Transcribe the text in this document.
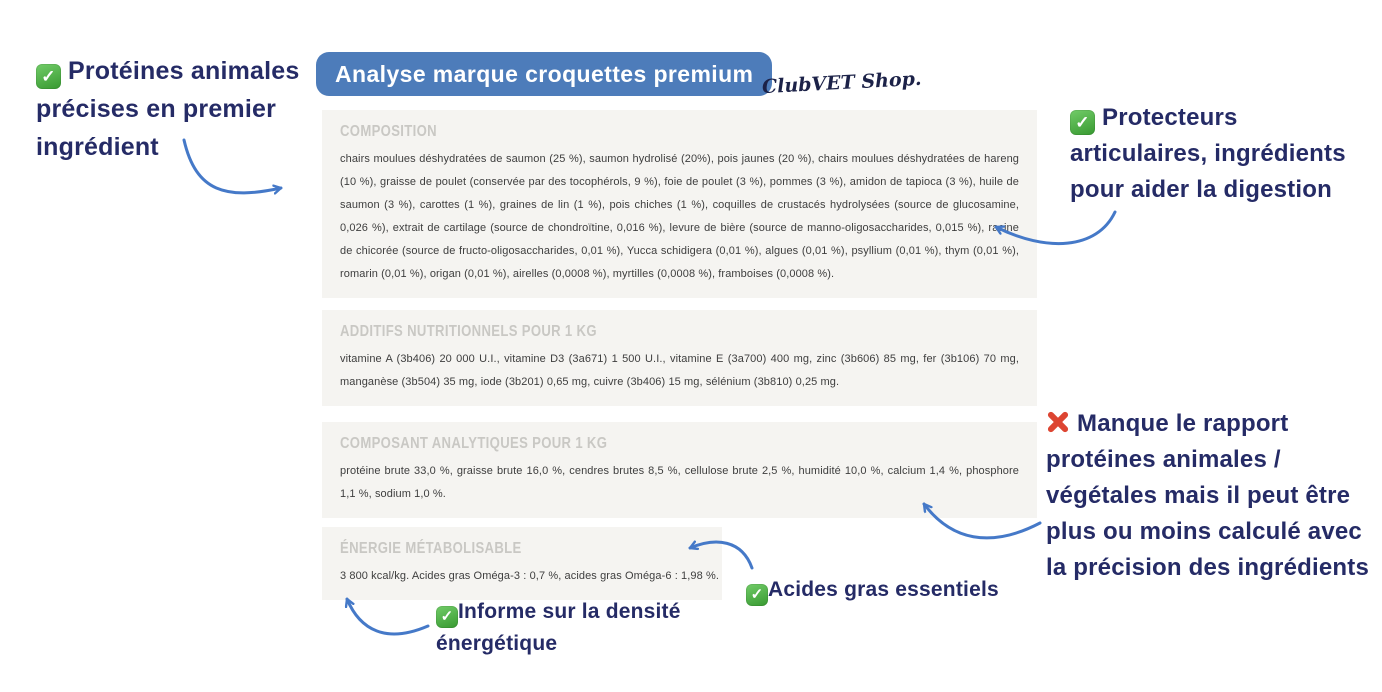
Analyse marque croquettes premium ClubVET Shop.
COMPOSITION
chairs moulues déshydratées de saumon (25 %), saumon hydrolisé (20%), pois jaunes (20 %), chairs moulues déshydratées de hareng (10 %), graisse de poulet (conservée par des tocophérols, 9 %), foie de poulet (3 %), pommes (3 %), amidon de tapioca (3 %), huile de saumon (3 %), carottes (1 %), graines de lin (1 %), pois chiches (1 %), coquilles de crustacés hydrolysées (source de glucosamine, 0,026 %), extrait de cartilage (source de chondroïtine, 0,016 %), levure de bière (source de manno-oligosaccharides, 0,015 %), racine de chicorée (source de fructo-oligosaccharides, 0,01 %), Yucca schidigera (0,01 %), algues (0,01 %), psyllium (0,01 %), thym (0,01 %), romarin (0,01 %), origan (0,01 %), airelles (0,0008 %), myrtilles (0,0008 %), framboises (0,0008 %).
ADDITIFS NUTRITIONNELS POUR 1 KG
vitamine A (3b406) 20 000 U.I., vitamine D3 (3a671) 1 500 U.I., vitamine E (3a700) 400 mg, zinc (3b606) 85 mg, fer (3b106) 70 mg, manganèse (3b504) 35 mg, iode (3b201) 0,65 mg, cuivre (3b406) 15 mg, sélénium (3b810) 0,25 mg.
COMPOSANT ANALYTIQUES POUR 1 KG
protéine brute 33,0 %, graisse brute 16,0 %, cendres brutes 8,5 %, cellulose brute 2,5 %, humidité 10,0 %, calcium 1,4 %, phosphore 1,1 %, sodium 1,0 %.
ÉNERGIE MÉTABOLISABLE
3 800 kcal/kg. Acides gras Oméga-3 : 0,7 %, acides gras Oméga-6 : 1,98 %.
✓ Protéines animales précises en premier ingrédient
✓ Protecteurs articulaires, ingrédients pour aider la digestion
Manque le rapport protéines animales / végétales mais il peut être plus ou moins calculé avec la précision des ingrédients
✓ Acides gras essentiels
✓ Informe sur la densité énergétique
